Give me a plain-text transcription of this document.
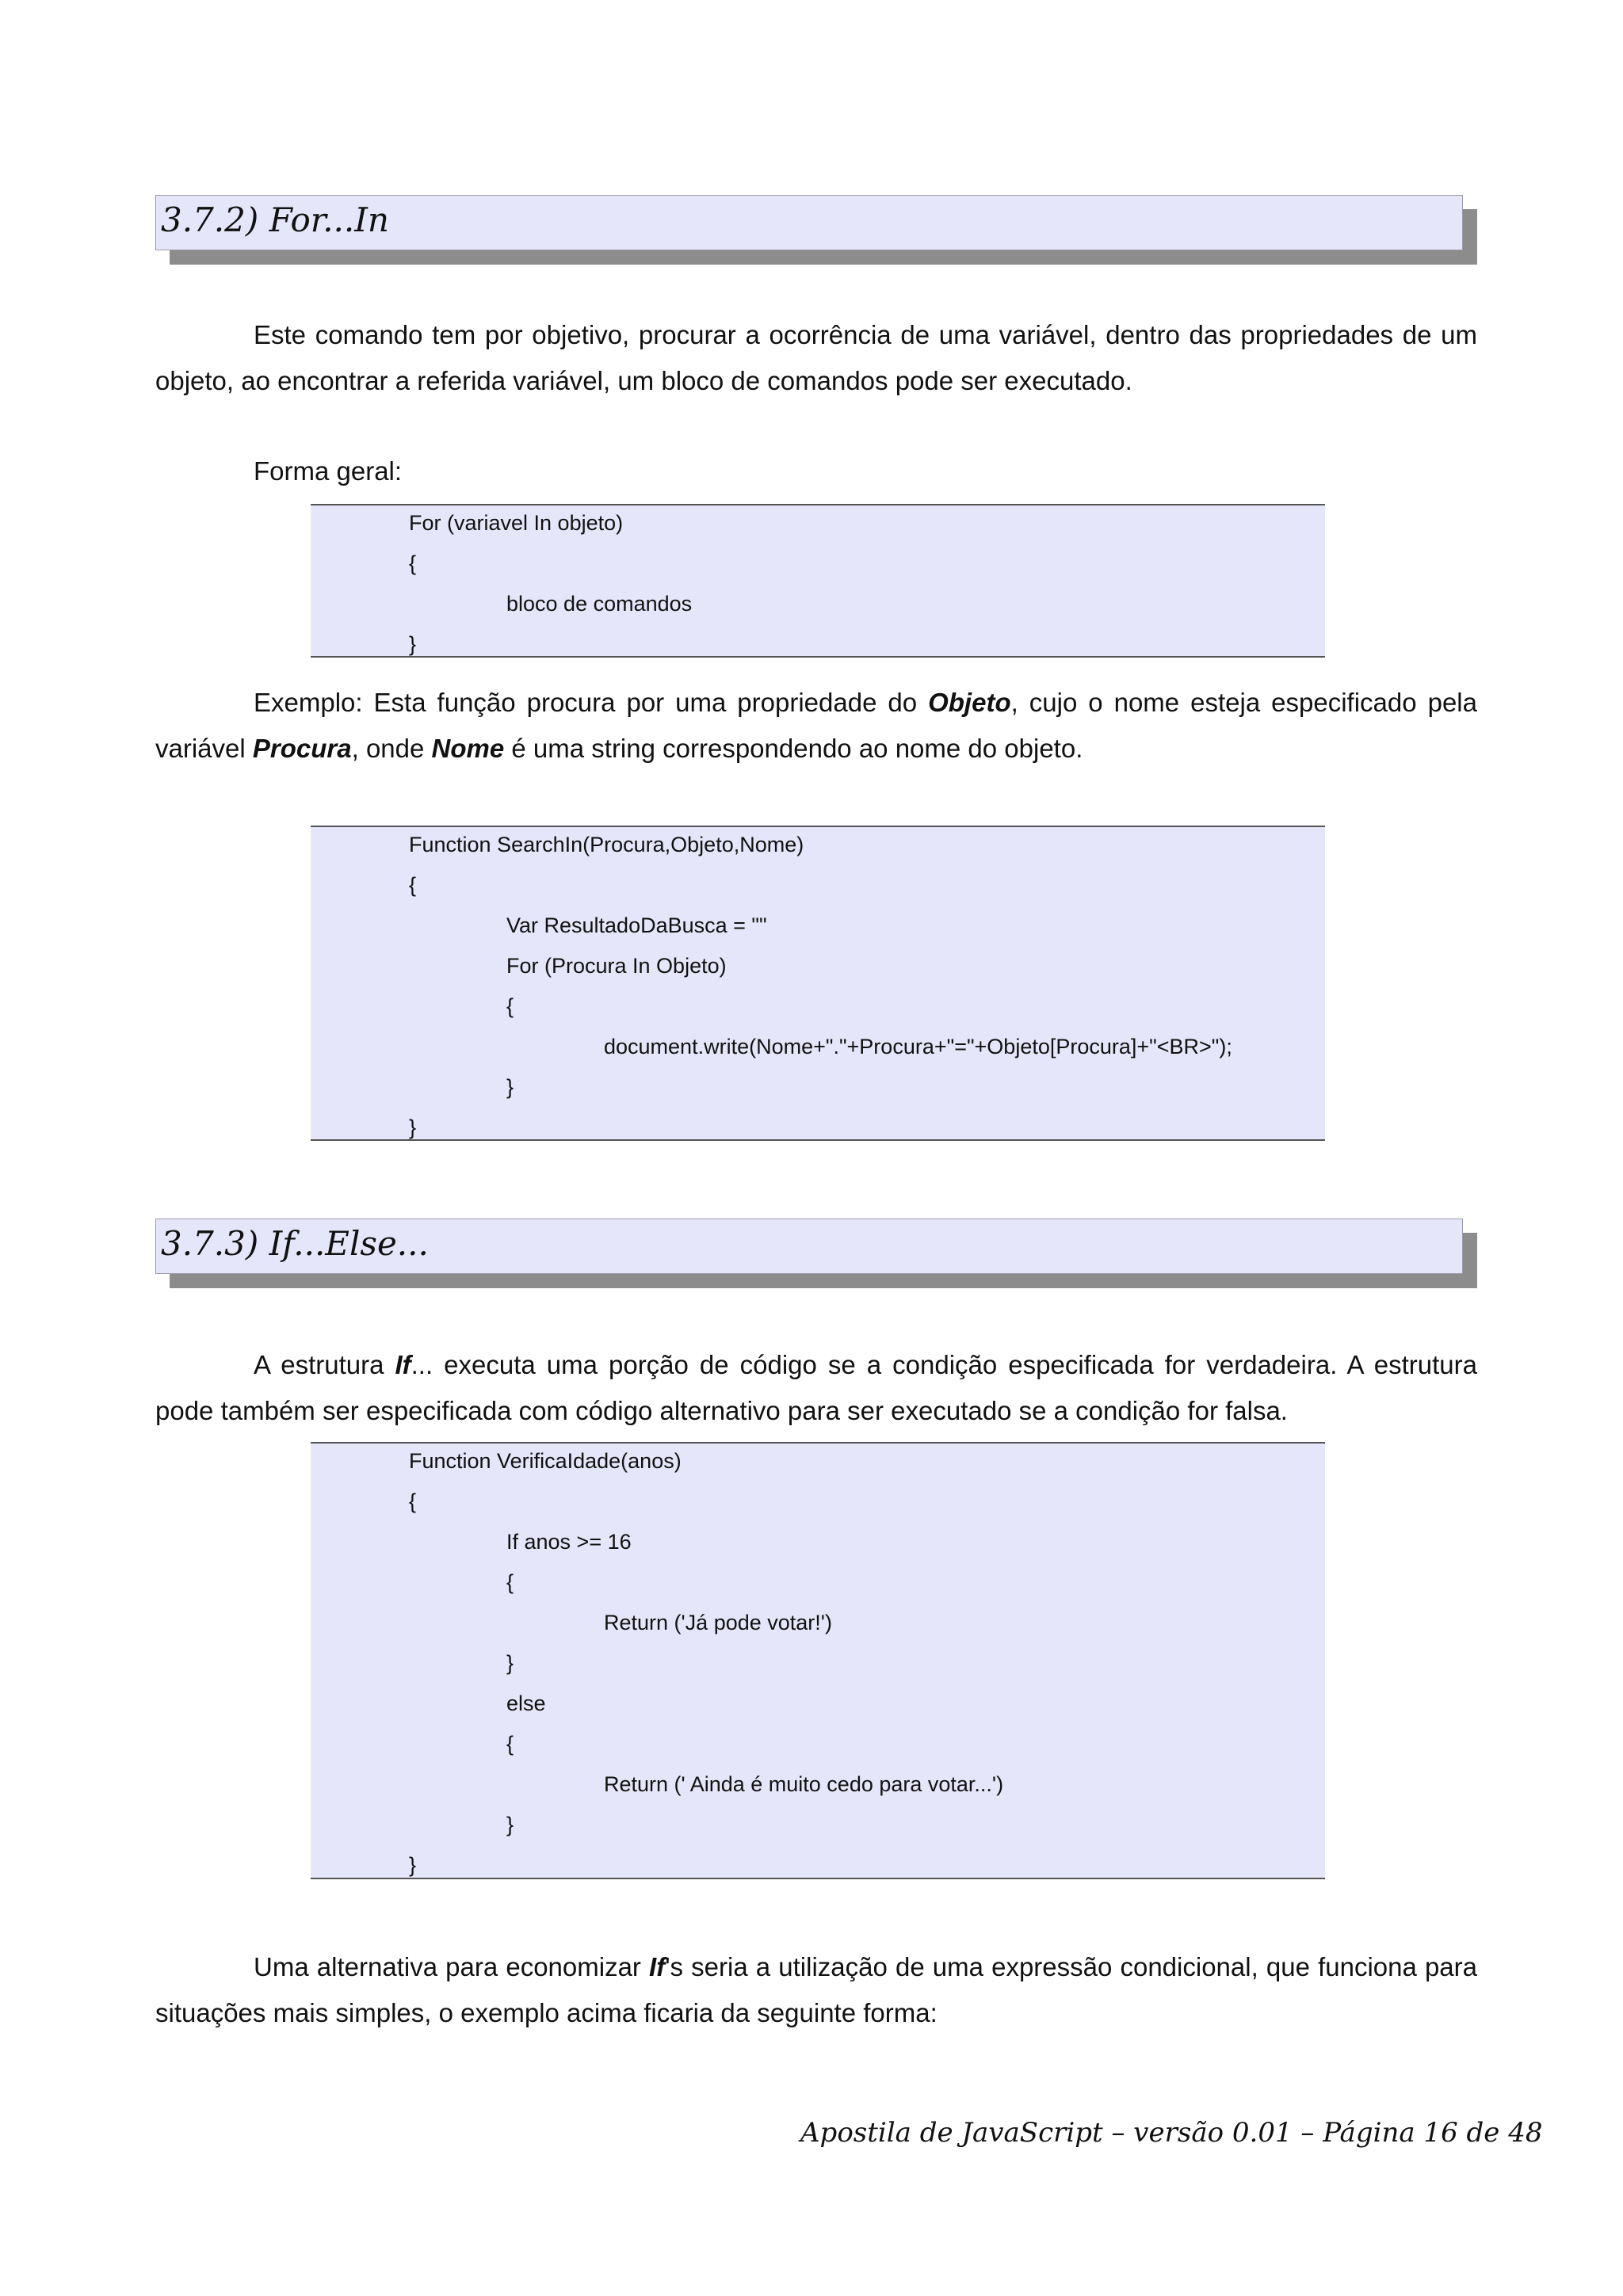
3.7.2) For...In

Este comando tem por objetivo, procurar a ocorrência de uma variável, dentro das propriedades de um objeto, ao encontrar a referida variável, um bloco de comandos pode ser executado.

Forma geral:
For (variavel In objeto)
{
bloco de comandos
}

Exemplo: Esta função procura por uma propriedade do Objeto, cujo o nome esteja especificado pela variável Procura, onde Nome é uma string correspondendo ao nome do objeto.

Function SearchIn(Procura,Objeto,Nome)
{
Var ResultadoDaBusca = ""
For (Procura In Objeto)
{
document.write(Nome+"."+Procura+"="+Objeto[Procura]+"<BR>");
}
}
3.7.3) If...Else...

A estrutura If... executa uma porção de código se a condição especificada for verdadeira. A estrutura pode também ser especificada com código alternativo para ser executado se a condição for falsa.

Function VerificaIdade(anos)
{
If anos >= 16
{
Return ('Já pode votar!')
}
else
{
Return (' Ainda é muito cedo para votar...')
}
}

Uma alternativa para economizar If's seria a utilização de uma expressão condicional, que funciona para situações mais simples, o exemplo acima ficaria da seguinte forma:

Apostila de JavaScript – versão 0.01 – Página 16 de 48
